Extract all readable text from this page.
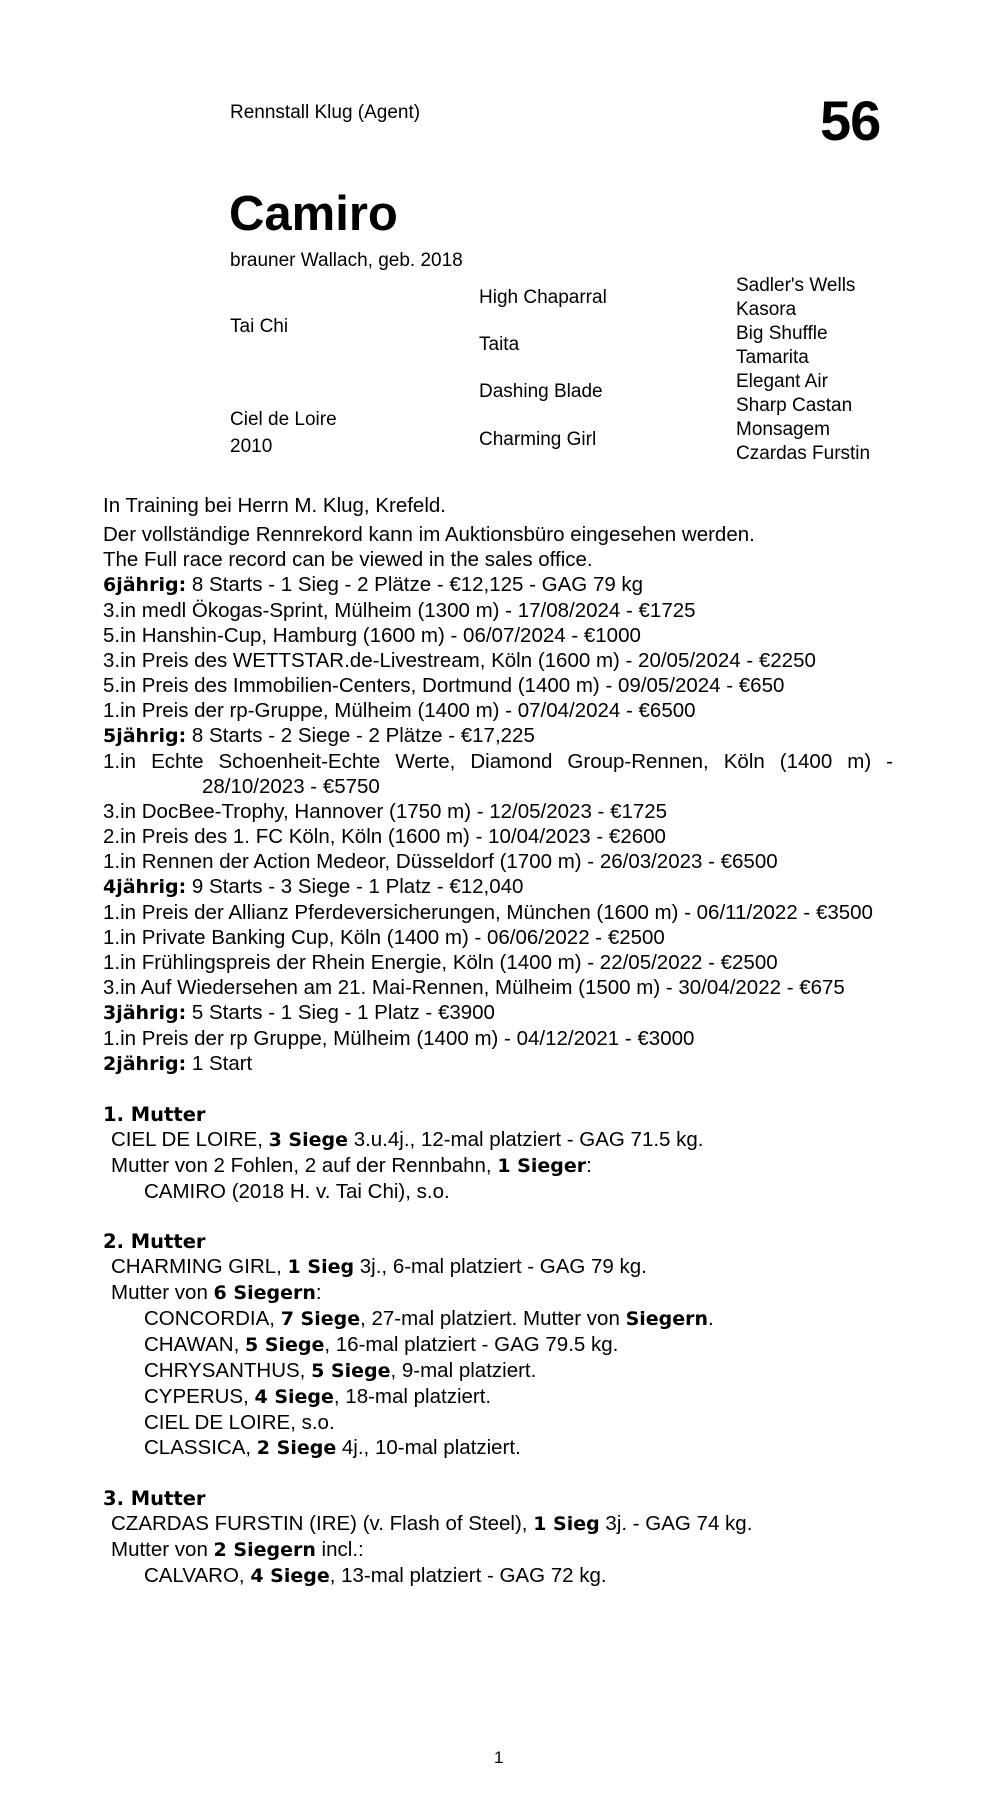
Rennstall Klug (Agent)	56
Camiro
brauner Wallach, geb. 2018
Tai Chi
Ciel de Loire
2010
High Chaparral
Taita
Dashing Blade
Charming Girl
Sadler's Wells
Kasora
Big Shuffle
Tamarita
Elegant Air
Sharp Castan
Monsagem
Czardas Furstin
In Training bei Herrn M. Klug, Krefeld.
Der vollständige Rennrekord kann im Auktionsbüro eingesehen werden.
The Full race record can be viewed in the sales office.
6jährig: 8 Starts - 1 Sieg - 2 Plätze - €12,125 - GAG 79 kg
3.in medl Ökogas-Sprint, Mülheim (1300 m) - 17/08/2024 - €1725
5.in Hanshin-Cup, Hamburg (1600 m) - 06/07/2024 - €1000
3.in Preis des WETTSTAR.de-Livestream, Köln (1600 m) - 20/05/2024 - €2250
5.in Preis des Immobilien-Centers, Dortmund (1400 m) - 09/05/2024 - €650
1.in Preis der rp-Gruppe, Mülheim (1400 m) - 07/04/2024 - €6500
5jährig: 8 Starts - 2 Siege - 2 Plätze - €17,225
1.in Echte Schoenheit-Echte Werte, Diamond Group-Rennen, Köln (1400 m) - 28/10/2023 - €5750
3.in DocBee-Trophy, Hannover (1750 m) - 12/05/2023 - €1725
2.in Preis des 1. FC Köln, Köln (1600 m) - 10/04/2023 - €2600
1.in Rennen der Action Medeor, Düsseldorf (1700 m) - 26/03/2023 - €6500
4jährig: 9 Starts - 3 Siege - 1 Platz - €12,040
1.in Preis der Allianz Pferdeversicherungen, München (1600 m) - 06/11/2022 - €3500
1.in Private Banking Cup, Köln (1400 m) - 06/06/2022 - €2500
1.in Frühlingspreis der Rhein Energie, Köln (1400 m) - 22/05/2022 - €2500
3.in Auf Wiedersehen am 21. Mai-Rennen, Mülheim (1500 m) - 30/04/2022 - €675
3jährig: 5 Starts - 1 Sieg - 1 Platz - €3900
1.in Preis der rp Gruppe, Mülheim (1400 m) - 04/12/2021 - €3000
2jährig: 1 Start
1. Mutter
CIEL DE LOIRE, 3 Siege 3.u.4j., 12-mal platziert - GAG 71.5 kg.
Mutter von 2 Fohlen, 2 auf der Rennbahn, 1 Sieger:
CAMIRO (2018 H. v. Tai Chi), s.o.
2. Mutter
CHARMING GIRL, 1 Sieg 3j., 6-mal platziert - GAG 79 kg.
Mutter von 6 Siegern:
CONCORDIA, 7 Siege, 27-mal platziert. Mutter von Siegern.
CHAWAN, 5 Siege, 16-mal platziert - GAG 79.5 kg.
CHRYSANTHUS, 5 Siege, 9-mal platziert.
CYPERUS, 4 Siege, 18-mal platziert.
CIEL DE LOIRE, s.o.
CLASSICA, 2 Siege 4j., 10-mal platziert.
3. Mutter
CZARDAS FURSTIN (IRE) (v. Flash of Steel), 1 Sieg 3j. - GAG 74 kg.
Mutter von 2 Siegern incl.:
CALVARO, 4 Siege, 13-mal platziert - GAG 72 kg.
1
